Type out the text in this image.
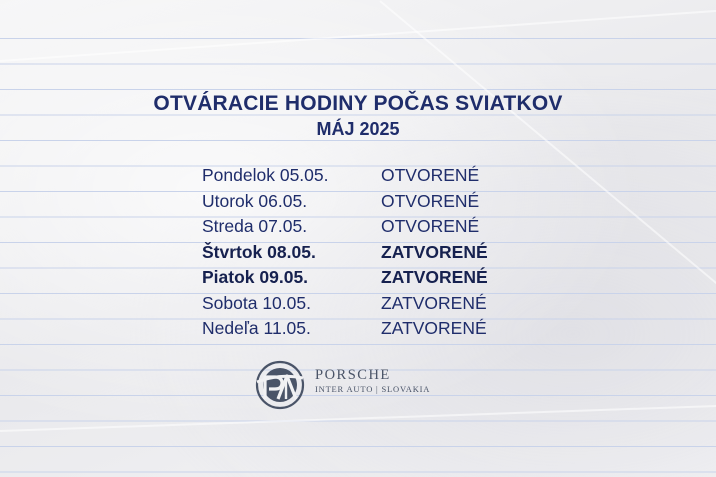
OTVÁRACIE HODINY POČAS SVIATKOV
MÁJ 2025
Pondelok 05.05.	OTVORENÉ
Utorok 06.05.	OTVORENÉ
Streda 07.05.	OTVORENÉ
Štvrtok 08.05.	ZATVORENÉ
Piatok 09.05.	ZATVORENÉ
Sobota 10.05.	ZATVORENÉ
Nedeľa 11.05.	ZATVORENÉ
PORSCHE
INTER AUTO | SLOVAKIA
